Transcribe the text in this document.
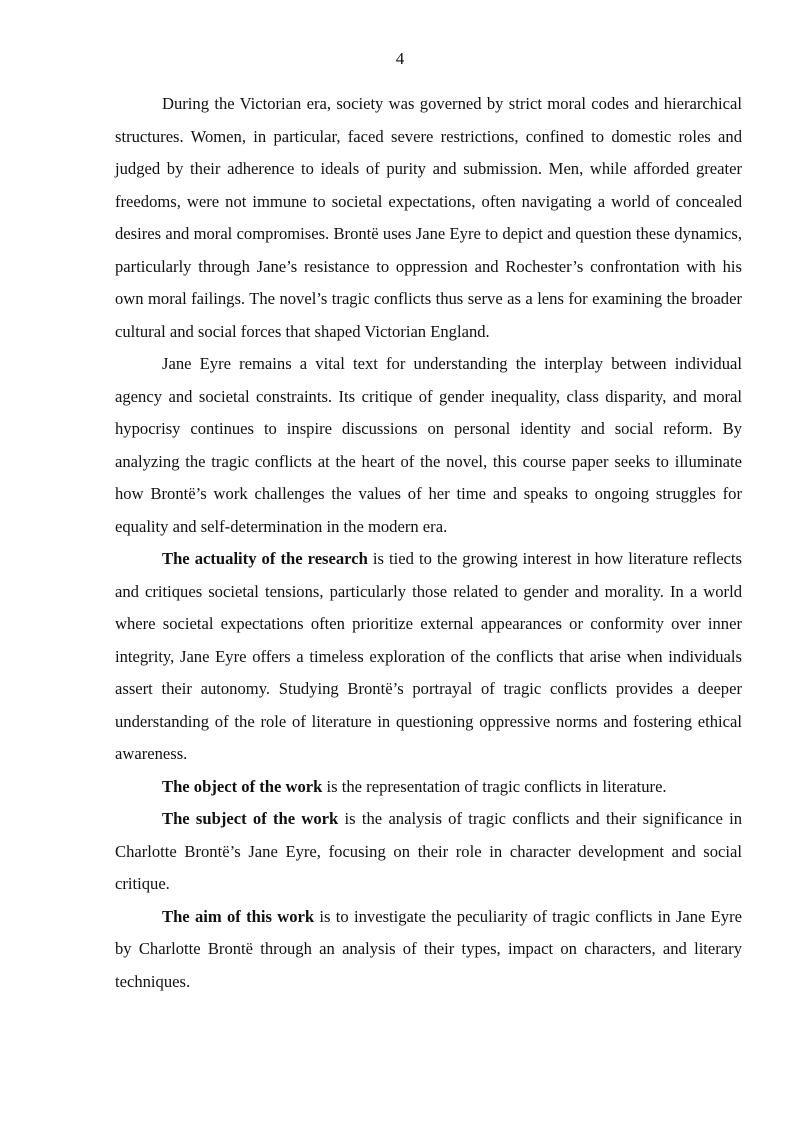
4

During the Victorian era, society was governed by strict moral codes and hierarchical structures. Women, in particular, faced severe restrictions, confined to domestic roles and judged by their adherence to ideals of purity and submission. Men, while afforded greater freedoms, were not immune to societal expectations, often navigating a world of concealed desires and moral compromises. Brontë uses Jane Eyre to depict and question these dynamics, particularly through Jane’s resistance to oppression and Rochester’s confrontation with his own moral failings. The novel’s tragic conflicts thus serve as a lens for examining the broader cultural and social forces that shaped Victorian England.

Jane Eyre remains a vital text for understanding the interplay between individual agency and societal constraints. Its critique of gender inequality, class disparity, and moral hypocrisy continues to inspire discussions on personal identity and social reform. By analyzing the tragic conflicts at the heart of the novel, this course paper seeks to illuminate how Brontë’s work challenges the values of her time and speaks to ongoing struggles for equality and self-determination in the modern era.

The actuality of the research is tied to the growing interest in how literature reflects and critiques societal tensions, particularly those related to gender and morality. In a world where societal expectations often prioritize external appearances or conformity over inner integrity, Jane Eyre offers a timeless exploration of the conflicts that arise when individuals assert their autonomy. Studying Brontë’s portrayal of tragic conflicts provides a deeper understanding of the role of literature in questioning oppressive norms and fostering ethical awareness.

The object of the work is the representation of tragic conflicts in literature.

The subject of the work is the analysis of tragic conflicts and their significance in Charlotte Brontë’s Jane Eyre, focusing on their role in character development and social critique.

The aim of this work is to investigate the peculiarity of tragic conflicts in Jane Eyre by Charlotte Brontë through an analysis of their types, impact on characters, and literary techniques.
